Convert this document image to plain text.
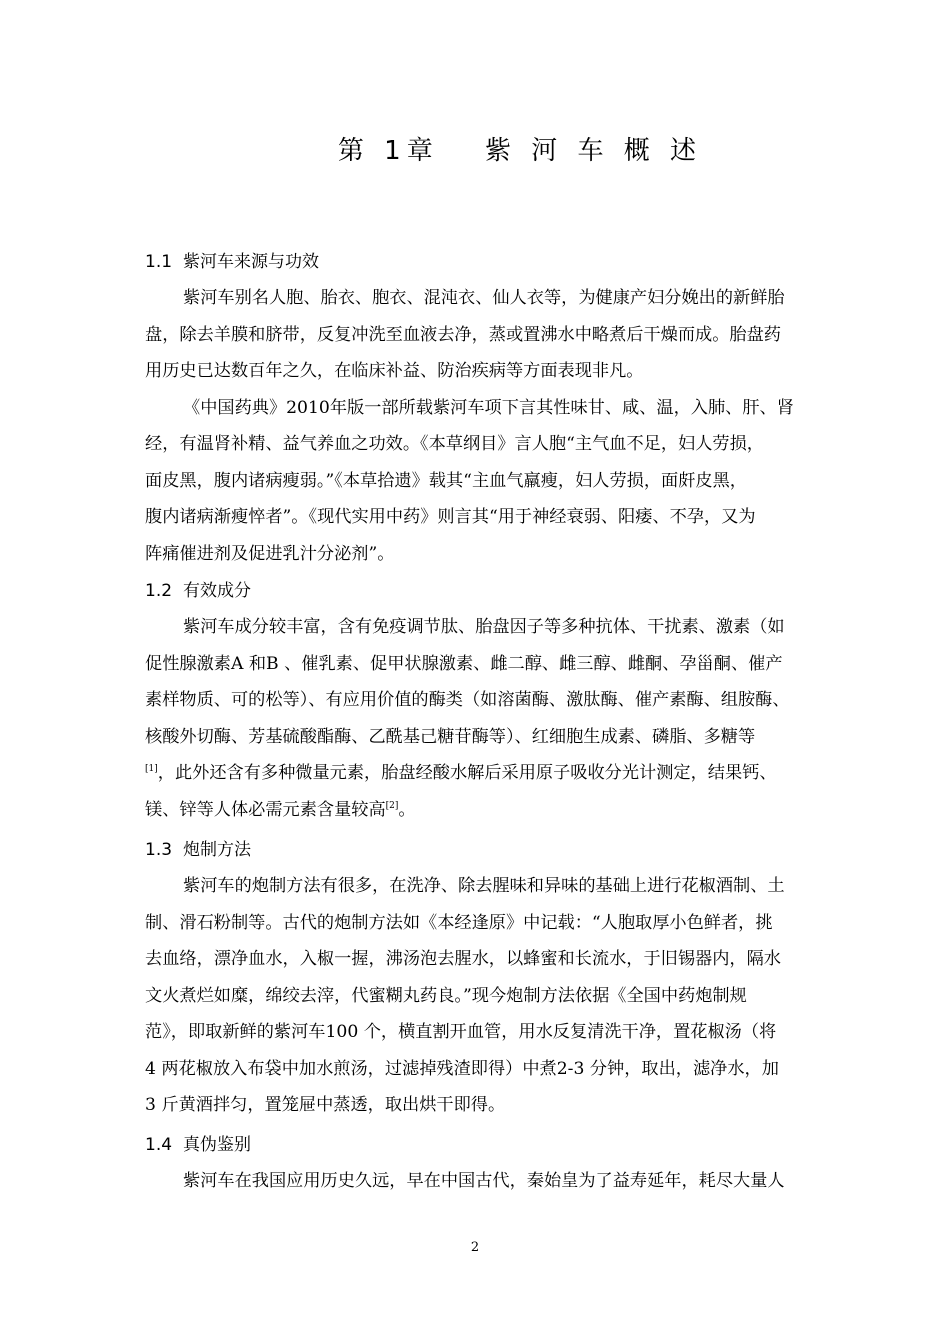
第 1章　 紫 河 车 概 述
1.1 紫河车来源与功效
紫河车别名人胞、胎衣、胞衣、混沌衣、仙人衣等，为健康产妇分娩出的新鲜胎
盘，除去羊膜和脐带，反复冲洗至血液去净，蒸或置沸水中略煮后干燥而成。胎盘药
用历史已达数百年之久，在临床补益、防治疾病等方面表现非凡。
《中国药典》2010年版一部所载紫河车项下言其性味甘、咸、温，入肺、肝、肾
经，有温肾补精、益气养血之功效。《本草纲目》言人胞“主气血不足，妇人劳损，
面皮黑，腹内诸病瘦弱。”《本草拾遗》载其“主血气羸瘦，妇人劳损，面皯皮黑，
腹内诸病渐瘦悴者”。《现代实用中药》则言其“用于神经衰弱、阳痿、不孕，又为
阵痛催进剂及促进乳汁分泌剂”。
1.2 有效成分
紫河车成分较丰富，含有免疫调节肽、胎盘因子等多种抗体、干扰素、激素（如
促性腺激素A 和B 、催乳素、促甲状腺激素、雌二醇、雌三醇、雌酮、孕甾酮、催产
素样物质、可的松等）、有应用价值的酶类（如溶菌酶、激肽酶、催产素酶、组胺酶、
核酸外切酶、芳基硫酸酯酶、乙酰基己糖苷酶等）、红细胞生成素、磷脂、多糖等
[1]，此外还含有多种微量元素，胎盘经酸水解后采用原子吸收分光计测定，结果钙、
镁、锌等人体必需元素含量较高[2]。
1.3 炮制方法
紫河车的炮制方法有很多，在洗净、除去腥味和异味的基础上进行花椒酒制、土
制、滑石粉制等。古代的炮制方法如《本经逢原》中记载：“人胞取厚小色鲜者，挑
去血络，漂净血水，入椒一握，沸汤泡去腥水，以蜂蜜和长流水，于旧锡器内，隔水
文火煮烂如糜，绵绞去滓，代蜜糊丸药良。”现今炮制方法依据《全国中药炮制规
范》，即取新鲜的紫河车100 个，横直割开血管，用水反复清洗干净，置花椒汤（将
4 两花椒放入布袋中加水煎汤，过滤掉残渣即得）中煮2-3 分钟，取出，滤净水，加
3 斤黄酒拌匀，置笼屉中蒸透，取出烘干即得。
1.4 真伪鉴别
紫河车在我国应用历史久远，早在中国古代，秦始皇为了益寿延年，耗尽大量人
2
